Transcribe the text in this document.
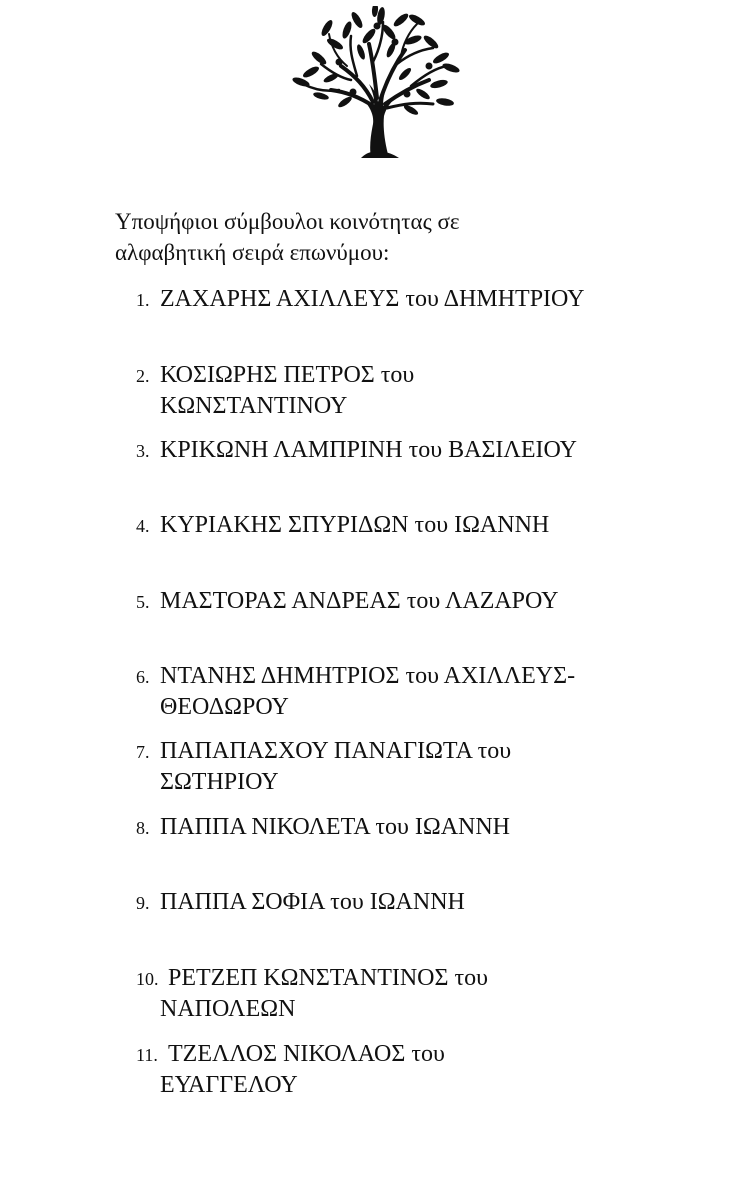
Υποψήφιοι σύμβουλοι κοινότητας σε
αλφαβητική σειρά επωνύμου:
1. ΖΑΧΑΡΗΣ ΑΧΙΛΛΕΥΣ του ΔΗΜΗΤΡΙΟΥ
2. ΚΟΣΙΩΡΗΣ ΠΕΤΡΟΣ του
ΚΩΝΣΤΑΝΤΙΝΟΥ
3. ΚΡΙΚΩΝΗ ΛΑΜΠΡΙΝΗ του ΒΑΣΙΛΕΙΟΥ
4. ΚΥΡΙΑΚΗΣ ΣΠΥΡΙΔΩΝ του ΙΩΑΝΝΗ
5. ΜΑΣΤΟΡΑΣ ΑΝΔΡΕΑΣ του ΛΑΖΑΡΟΥ
6. ΝΤΑΝΗΣ ΔΗΜΗΤΡΙΟΣ του ΑΧΙΛΛΕΥΣ-
ΘΕΟΔΩΡΟΥ
7. ΠΑΠΑΠΑΣΧΟΥ ΠΑΝΑΓΙΩΤΑ του
ΣΩΤΗΡΙΟΥ
8. ΠΑΠΠΑ ΝΙΚΟΛΕΤΑ του ΙΩΑΝΝΗ
9. ΠΑΠΠΑ ΣΟΦΙΑ του ΙΩΑΝΝΗ
10. ΡΕΤΖΕΠ ΚΩΝΣΤΑΝΤΙΝΟΣ του
ΝΑΠΟΛΕΩΝ
11. ΤΖΕΛΛΟΣ ΝΙΚΟΛΑΟΣ του
ΕΥΑΓΓΕΛΟΥ
